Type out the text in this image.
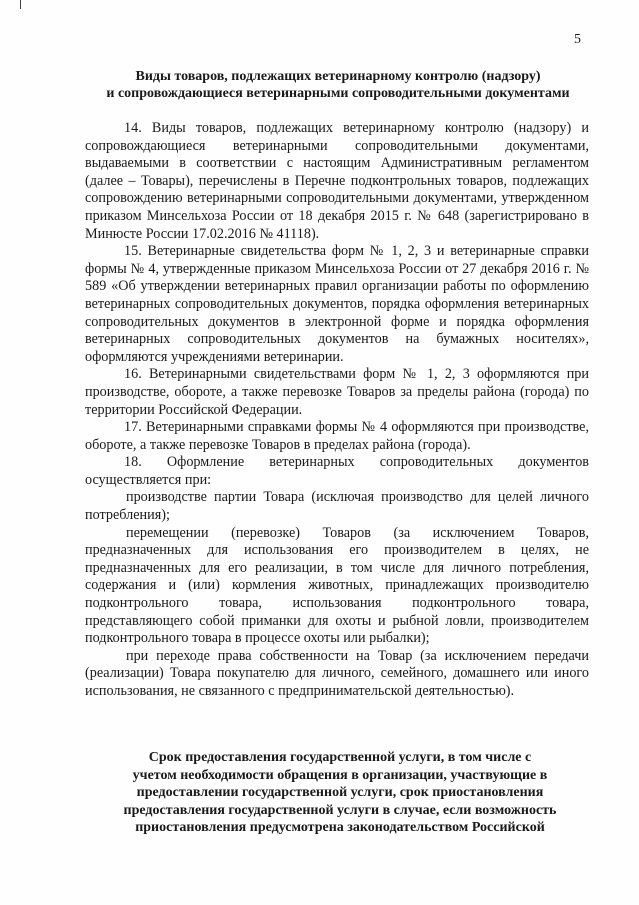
5
Виды товаров, подлежащих ветеринарному контролю (надзору)
и сопровождающиеся ветеринарными сопроводительными документами

14. Виды товаров, подлежащих ветеринарному контролю (надзору) и сопровождающиеся ветеринарными сопроводительными документами, выдаваемыми в соответствии с настоящим Административным регламентом (далее – Товары), перечислены в Перечне подконтрольных товаров, подлежащих сопровождению ветеринарными сопроводительными документами, утвержденном приказом Минсельхоза России от 18 декабря 2015 г. № 648 (зарегистрировано в Минюсте России 17.02.2016 № 41118).

15. Ветеринарные свидетельства форм № 1, 2, 3 и ветеринарные справки формы № 4, утвержденные приказом Минсельхоза России от 27 декабря 2016 г. № 589 «Об утверждении ветеринарных правил организации работы по оформлению ветеринарных сопроводительных документов, порядка оформления ветеринарных сопроводительных документов в электронной форме и порядка оформления ветеринарных сопроводительных документов на бумажных носителях», оформляются учреждениями ветеринарии.

16. Ветеринарными свидетельствами форм № 1, 2, 3 оформляются при производстве, обороте, а также перевозке Товаров за пределы района (города) по территории Российской Федерации.

17. Ветеринарными справками формы № 4 оформляются при производстве, обороте, а также перевозке Товаров в пределах района (города).

18. Оформление ветеринарных сопроводительных документов осуществляется при:

производстве партии Товара (исключая производство для целей личного потребления);

перемещении (перевозке) Товаров (за исключением Товаров, предназначенных для использования его производителем в целях, не предназначенных для его реализации, в том числе для личного потребления, содержания и (или) кормления животных, принадлежащих производителю подконтрольного товара, использования подконтрольного товара, представляющего собой приманки для охоты и рыбной ловли, производителем подконтрольного товара в процессе охоты или рыбалки);

при переходе права собственности на Товар (за исключением передачи (реализации) Товара покупателю для личного, семейного, домашнего или иного использования, не связанного с предпринимательской деятельностью).

Срок предоставления государственной услуги, в том числе с
учетом необходимости обращения в организации, участвующие в
предоставлении государственной услуги, срок приостановления
предоставления государственной услуги в случае, если возможность
приостановления предусмотрена законодательством Российской
